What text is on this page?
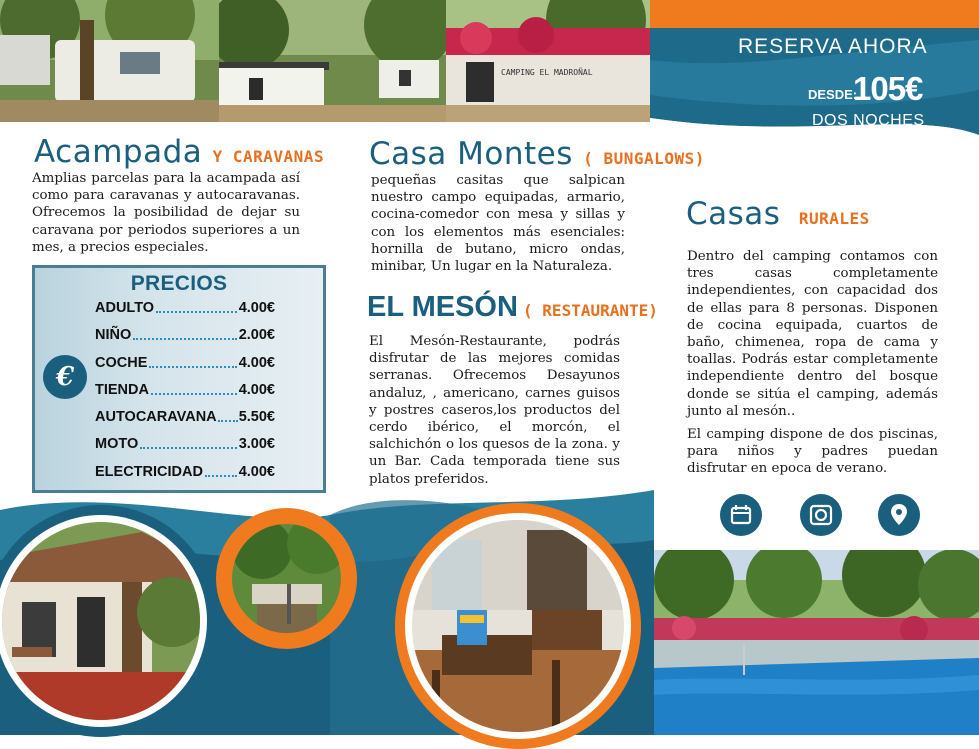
CAMPING EL MADROÑAL
RESERVA AHORA
DESDE:
105€
DOS NOCHES
Acampada Y CARAVANAS
Amplias parcelas para la acampada así como para caravanas y autocaravanas. Ofrecemos la posibilidad de dejar su caravana por periodos superiores a un mes, a precios especiales.
PRECIOS
€
ADULTO	4.00€
NIÑO	2.00€
COCHE	4.00€
TIENDA	4.00€
AUTOCARAVANA 5.50€
MOTO	3.00€
ELECTRICIDAD 4.00€
Casa Montes ( BUNGALOWS)
pequeñas casitas que salpican nuestro campo equipadas, armario, cocina-comedor con mesa y sillas y con los elementos más esenciales: hornilla de butano, micro ondas, minibar, Un lugar en la Naturaleza.
EL MESÓN ( RESTAURANTE)
El Mesón-Restaurante, podrás disfrutar de las mejores comidas serranas. Ofrecemos Desayunos andaluz, , americano, carnes guisos y postres caseros,los productos del cerdo ibérico, el morcón, el salchichón o los quesos de la zona. y un Bar. Cada temporada tiene sus platos preferidos.
Casas RURALES
Dentro del camping contamos con tres casas completamente independientes, con capacidad dos de ellas para 8 personas. Disponen de cocina equipada, cuartos de baño, chimenea, ropa de cama y toallas. Podrás estar completamente independiente dentro del bosque donde se sitúa el camping, además junto al mesón..
El camping dispone de dos piscinas, para niños y padres puedan disfrutar en epoca de verano.
